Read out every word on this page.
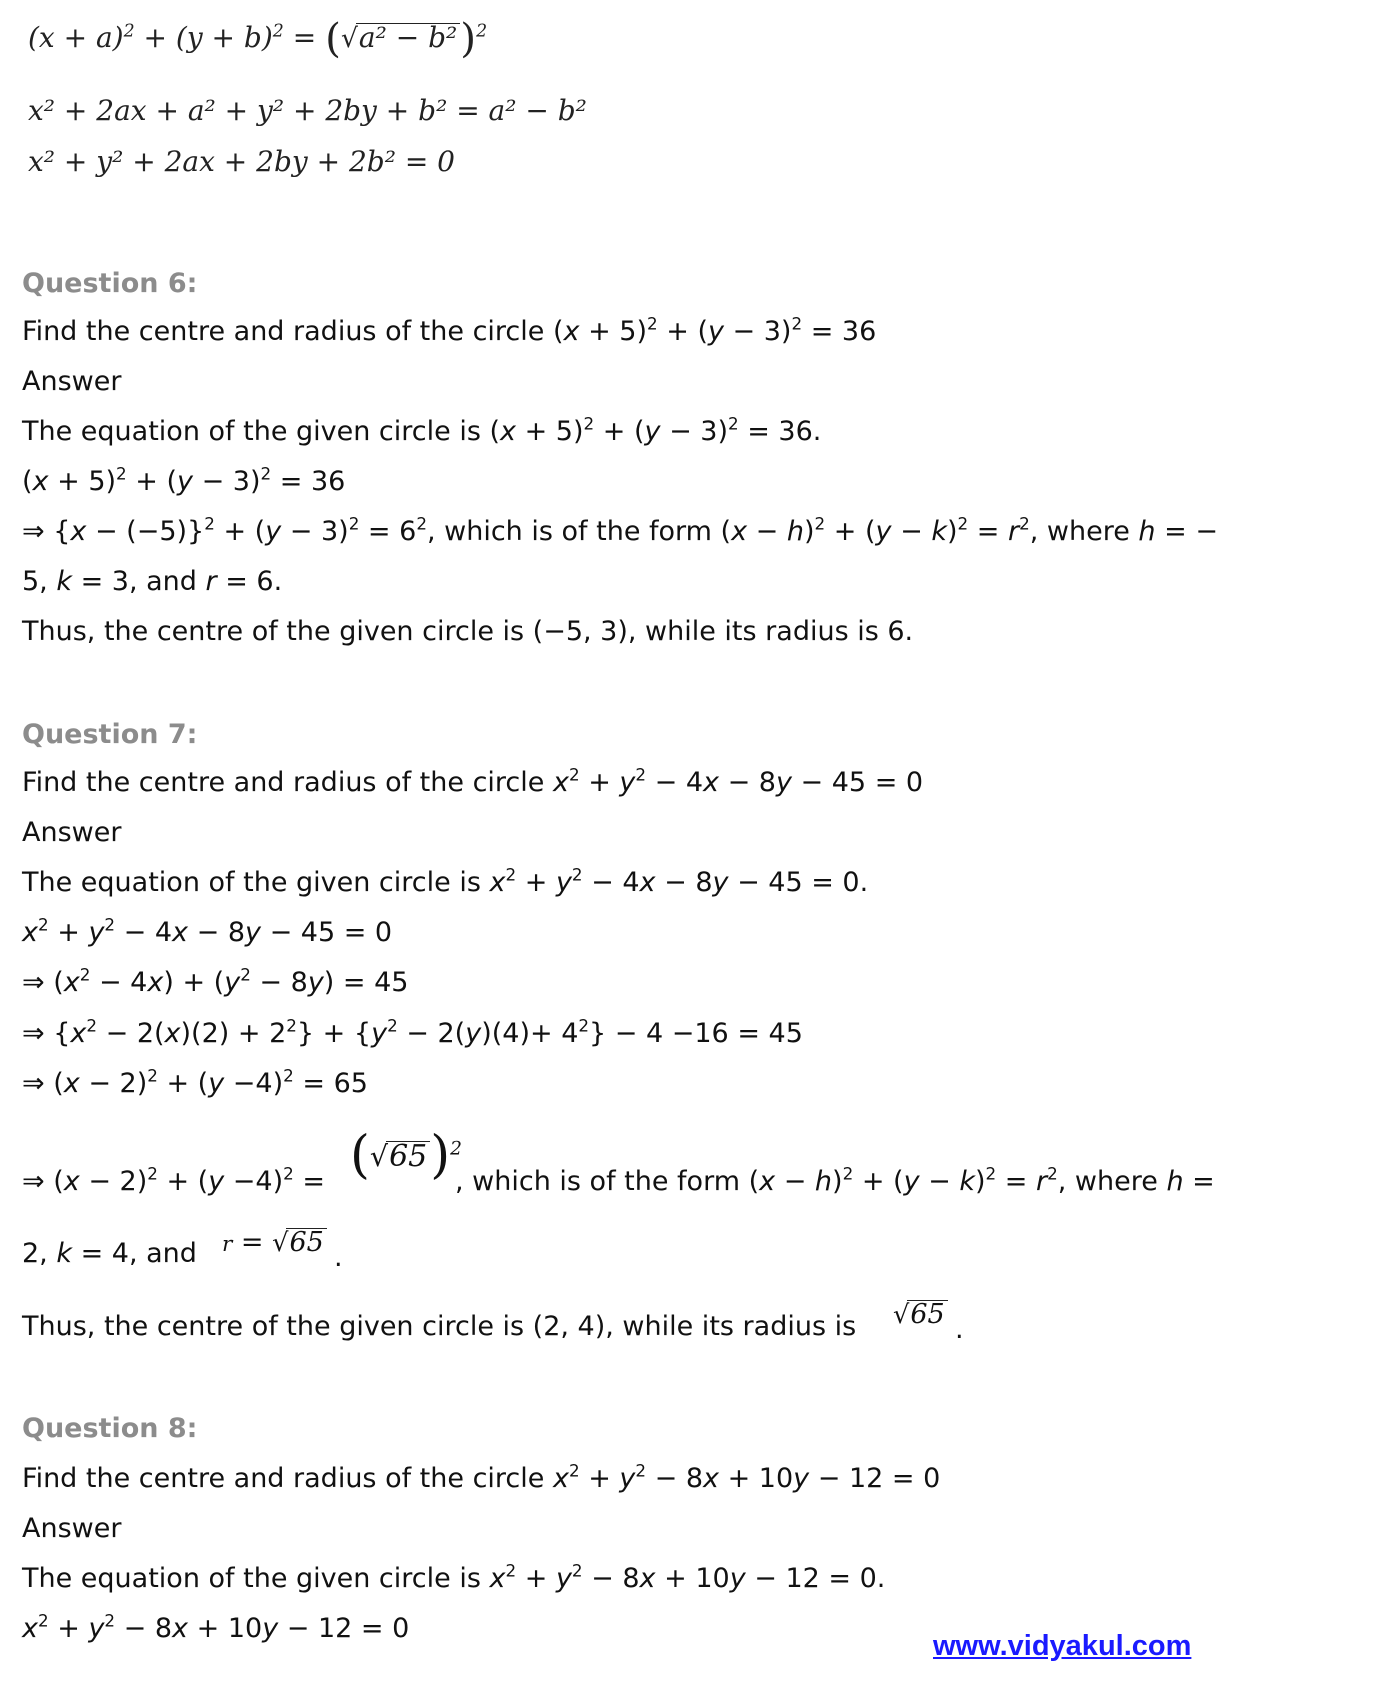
$(x + a)^2 + (y + b)^2 = (√a^2 - b^2)^2$
x² + 2ax + a² + y² + 2by + b² = a² − b²
x² + y² + 2ax + 2by + 2b² = 0
Question 6:
Find the centre and radius of the circle $(x + 5)^2 + (y - 3)^2 = 36$
Answer
The equation of the given circle is $(x + 5)^2 + (y - 3)^2 = 36$.
$(x + 5)^2 + (y - 3)^2 = 36$
⇒ $\{x - (-5)\}^2 + (y - 3)^2 = 6^2$, which is of the form $(x - h)^2 + (y - k)^2 = r^2$, where h = −
5, k = 3, and r = 6.
Thus, the centre of the given circle is (−5, 3), while its radius is 6.
Question 7:
Find the centre and radius of the circle $x^2 + y^2 - 4x - 8y - 45 = 0$
Answer
The equation of the given circle is $x^2 + y^2 - 4x - 8y - 45 = 0$.
$x^2 + y^2 - 4x - 8y - 45 = 0$
⇒ $(x^2 - 4x) + (y^2 - 8y) = 45$
⇒ $\{x^2 - 2(x)(2) + 2^2\} + \{y^2 - 2(y)(4)+ 4^2\} - 4 -16 = 45$
⇒ $(x - 2)^2 + (y -4)^2 = 65$
⇒ $(x - 2)^2 + (y -4)^2 = (√65)^2$
, which is of the form $(x - h)^2 + (y - k)^2 = r^2$, where h =
2, k = 4, and r = √65 .
Thus, the centre of the given circle is (2, 4), while its radius is √65 .
Question 8:
Find the centre and radius of the circle $x^2 + y^2 - 8x + 10y - 12 = 0$
Answer
The equation of the given circle is $x^2 + y^2 - 8x + 10y - 12 = 0$.
$x^2 + y^2 - 8x + 10y - 12 = 0$
www.vidyakul.com
